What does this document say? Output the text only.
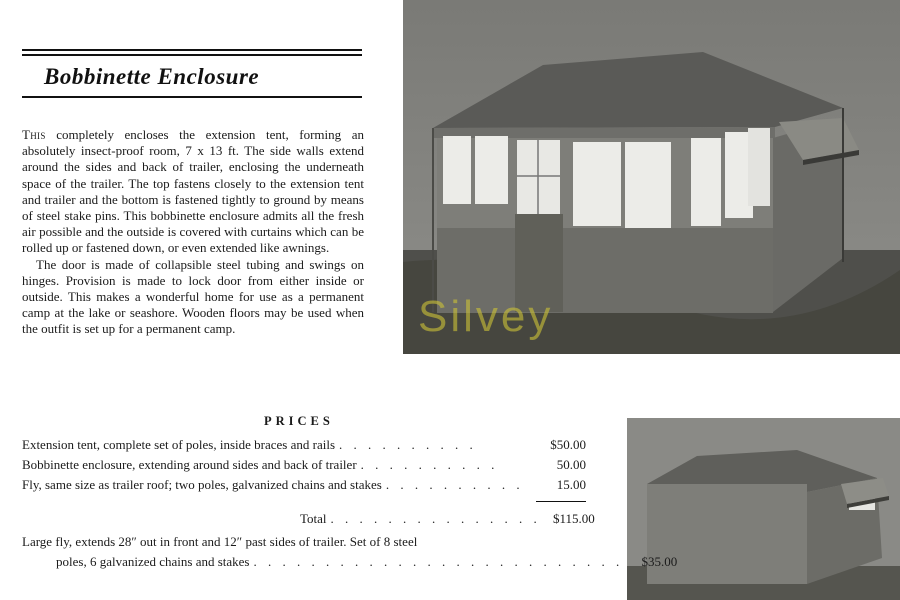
Bobbinette Enclosure

This completely encloses the extension tent, forming an absolutely insect-proof room, 7 x 13 ft. The side walls extend around the sides and back of trailer, enclosing the underneath space of the trailer. The top fastens closely to the extension tent and trailer and the bottom is fastened tightly to ground by means of steel stake pins. This bobbinette enclosure admits all the fresh air possible and the outside is covered with curtains which can be rolled up or fastened down, or even extended like awnings.

The door is made of collapsible steel tubing and swings on hinges. Provision is made to lock door from either inside or outside. This makes a wonderful home for use as a permanent camp at the lake or seashore. Wooden floors may be used when the outfit is set up for a permanent camp.

PRICES
Extension tent, complete set of poles, inside braces and rails . . . . . . . . . .	$50.00
Bobbinette enclosure, extending around sides and back of trailer . . . . . . . . . .	50.00
Fly, same size as trailer roof; two poles, galvanized chains and stakes . . . . . . . . . .	15.00
Total . . . . . . . . . . . . . . . $115.00
Large fly, extends 28″ out in front and 12″ past sides of trailer. Set of 8 steel
poles, 6 galvanized chains and stakes . . . . . . . . . . . . . . . . . . . . . . . . . .	$35.00

Silvey
